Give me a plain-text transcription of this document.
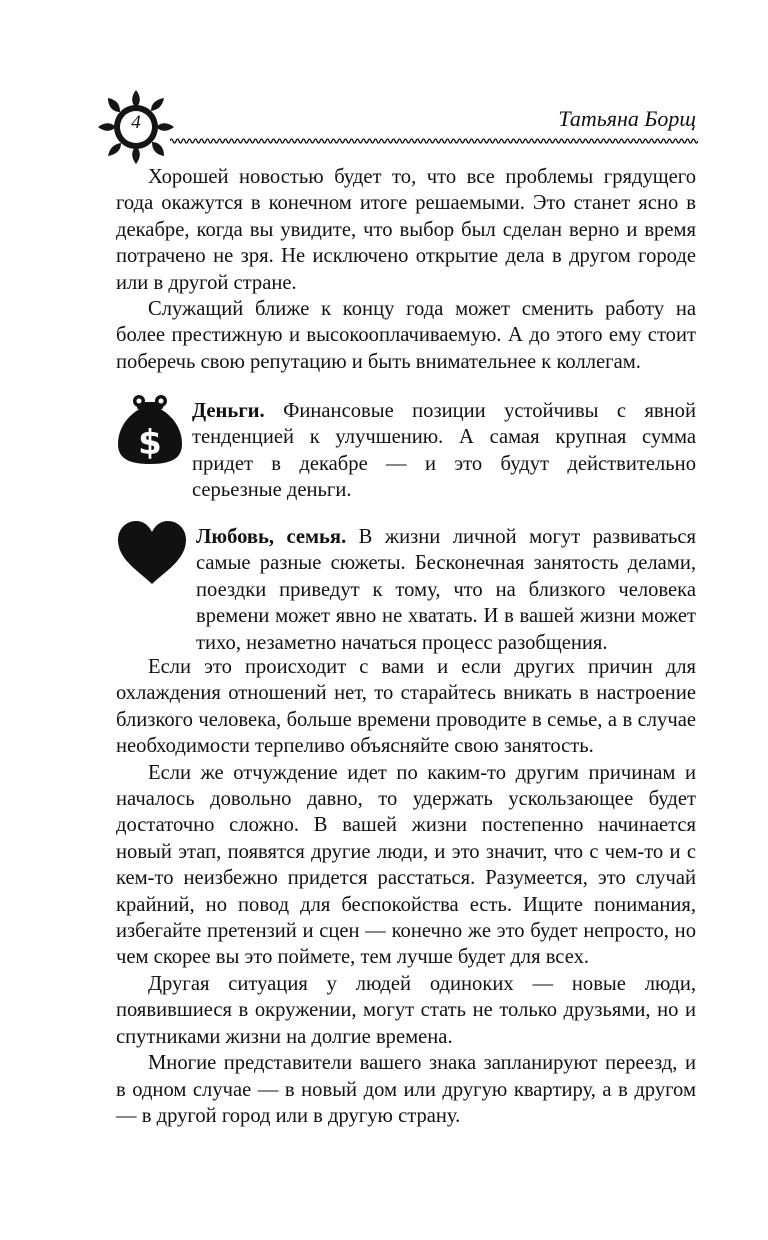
4	Татьяна Борщ

Хорошей новостью будет то, что все проблемы грядущего года окажутся в конечном итоге решаемыми. Это станет ясно в декабре, когда вы увидите, что выбор был сделан верно и время потрачено не зря. Не исключено открытие дела в другом городе или в другой стране.

Служащий ближе к концу года может сменить работу на более престижную и высокооплачиваемую. А до этого ему стоит поберечь свою репутацию и быть внимательнее к коллегам.

$
Деньги. Финансовые позиции устойчивы с явной тенденцией к улучшению. А самая крупная сумма придет в декабре — и это будут действительно серьезные деньги.
Любовь, семья. В жизни личной могут развиваться самые разные сюжеты. Бесконечная занятость делами, поездки приведут к тому, что на близкого человека времени может явно не хватать. И в вашей жизни может тихо, незаметно начаться процесс разобщения.

Если это происходит с вами и если других причин для охлаждения отношений нет, то старайтесь вникать в настроение близкого человека, больше времени проводите в семье, а в случае необходимости терпеливо объясняйте свою занятость.

Если же отчуждение идет по каким-то другим причинам и началось довольно давно, то удержать ускользающее будет достаточно сложно. В вашей жизни постепенно начинается новый этап, появятся другие люди, и это значит, что с чем-то и с кем-то неизбежно придется расстаться. Разумеется, это случай крайний, но повод для беспокойства есть. Ищите понимания, избегайте претензий и сцен — конечно же это будет непросто, но чем скорее вы это поймете, тем лучше будет для всех.

Другая ситуация у людей одиноких — новые люди, появившиеся в окружении, могут стать не только друзьями, но и спутниками жизни на долгие времена.

Многие представители вашего знака запланируют переезд, и в одном случае — в новый дом или другую квартиру, а в другом — в другой город или в другую страну.
